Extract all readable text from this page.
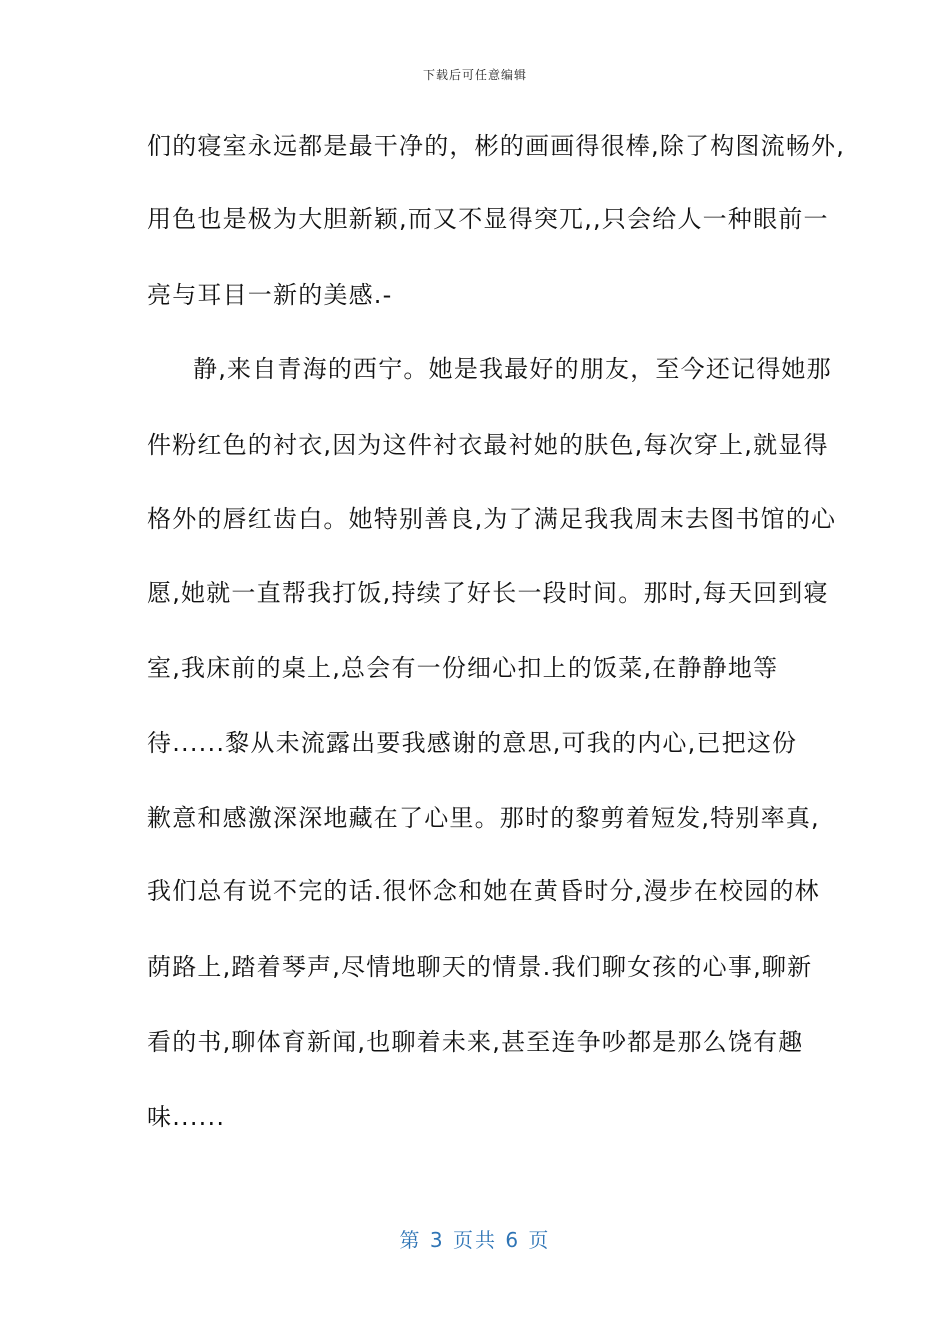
下载后可任意编辑
们的寝室永远都是最干净的，彬的画画得很棒,除了构图流畅外,
用色也是极为大胆新颖,而又不显得突兀,,只会给人一种眼前一
亮与耳目一新的美感.-
静,来自青海的西宁。她是我最好的朋友，至今还记得她那
件粉红色的衬衣,因为这件衬衣最衬她的肤色,每次穿上,就显得
格外的唇红齿白。她特别善良,为了满足我我周末去图书馆的心
愿,她就一直帮我打饭,持续了好长一段时间。那时,每天回到寝
室,我床前的桌上,总会有一份细心扣上的饭菜,在静静地等
待......黎从未流露出要我感谢的意思,可我的内心,已把这份
歉意和感激深深地藏在了心里。那时的黎剪着短发,特别率真,
我们总有说不完的话.很怀念和她在黄昏时分,漫步在校园的林
荫路上,踏着琴声,尽情地聊天的情景.我们聊女孩的心事,聊新
看的书,聊体育新闻,也聊着未来,甚至连争吵都是那么饶有趣
味......
第 3 页共 6 页
